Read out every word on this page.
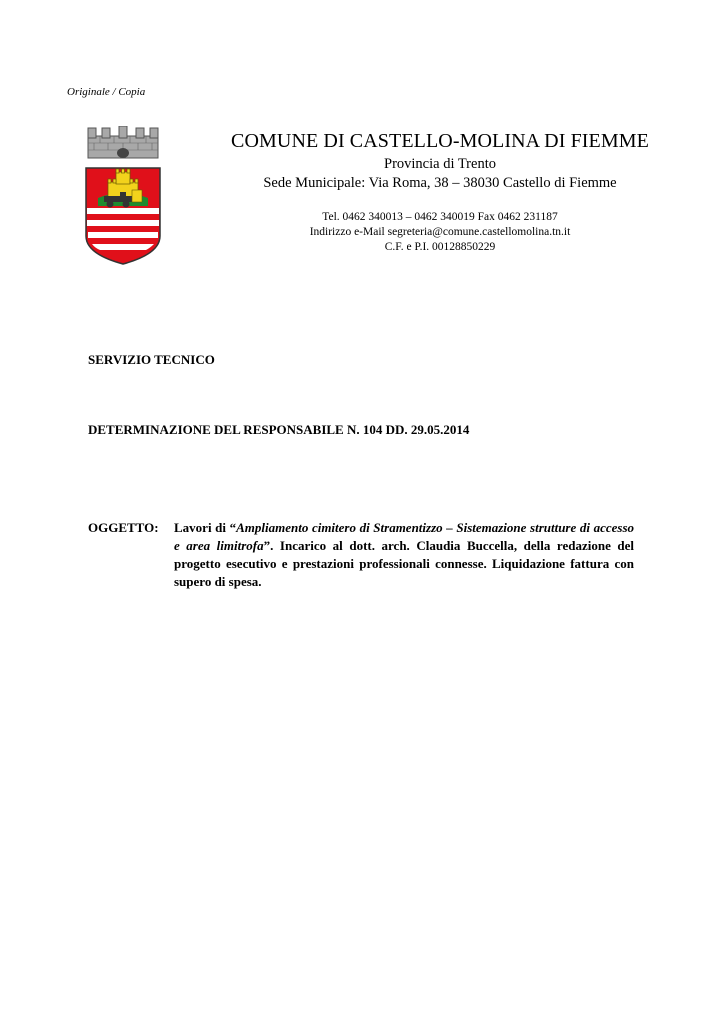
Originale / Copia
COMUNE DI CASTELLO-MOLINA DI FIEMME
Provincia di Trento
Sede Municipale: Via Roma, 38 – 38030 Castello di Fiemme
Tel. 0462 340013 – 0462 340019 Fax 0462 231187
Indirizzo e-Mail segreteria@comune.castellomolina.tn.it
C.F. e P.I. 00128850229
SERVIZIO TECNICO
DETERMINAZIONE DEL RESPONSABILE N. 104 DD. 29.05.2014
OGGETTO: Lavori di “Ampliamento cimitero di Stramentizzo – Sistemazione strutture di accesso e area limitrofa”. Incarico al dott. arch. Claudia Buccella, della redazione del progetto esecutivo e prestazioni professionali connesse. Liquidazione fattura con supero di spesa.
